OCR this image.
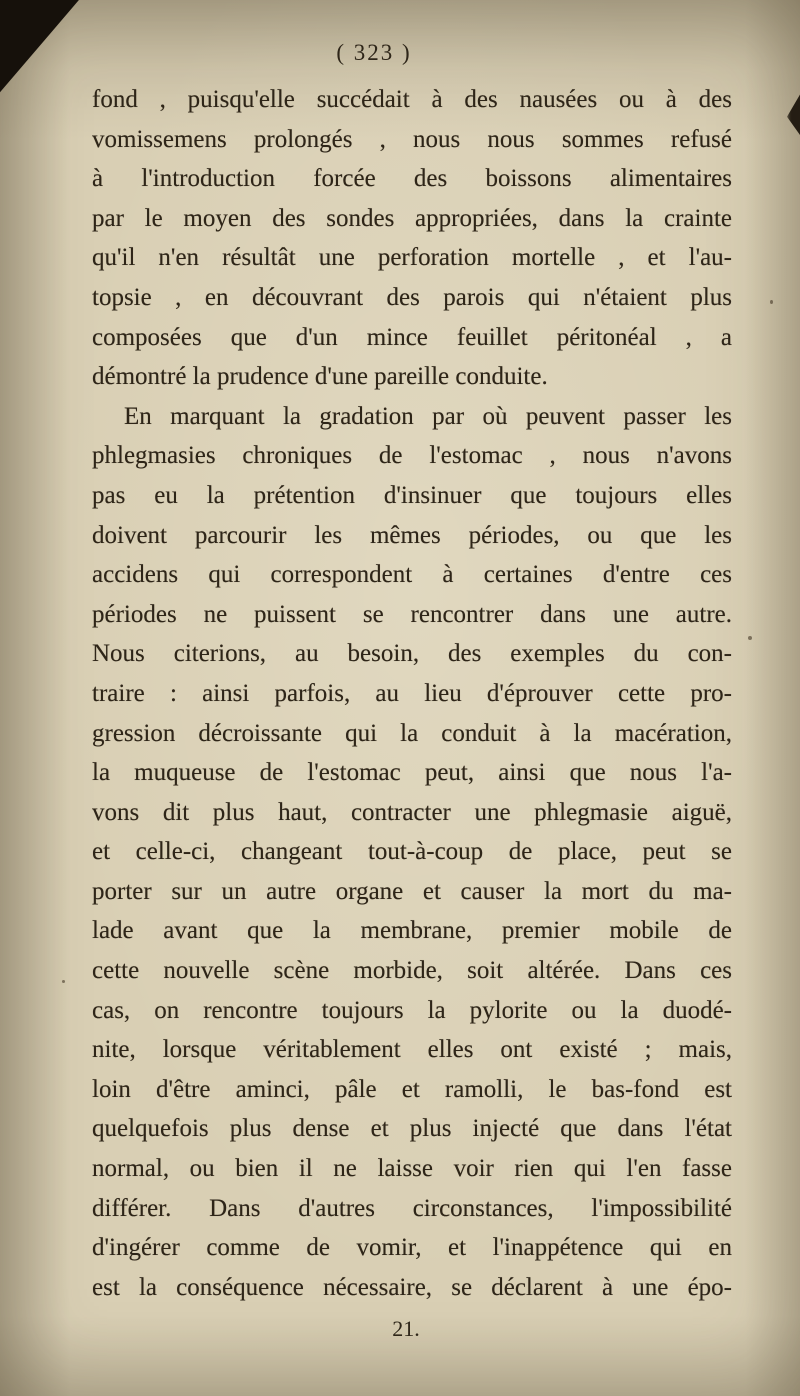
( 323 )
fond , puisqu'elle succédait à des nausées ou à des
vomissemens prolongés , nous nous sommes refusé
à l'introduction forcée des boissons alimentaires
par le moyen des sondes appropriées, dans la crainte
qu'il n'en résultât une perforation mortelle , et l'au-
topsie , en découvrant des parois qui n'étaient plus
composées que d'un mince feuillet péritonéal , a
démontré la prudence d'une pareille conduite.
En marquant la gradation par où peuvent passer les
phlegmasies chroniques de l'estomac , nous n'avons
pas eu la prétention d'insinuer que toujours elles
doivent parcourir les mêmes périodes, ou que les
accidens qui correspondent à certaines d'entre ces
périodes ne puissent se rencontrer dans une autre.
Nous citerions, au besoin, des exemples du con-
traire : ainsi parfois, au lieu d'éprouver cette pro-
gression décroissante qui la conduit à la macération,
la muqueuse de l'estomac peut, ainsi que nous l'a-
vons dit plus haut, contracter une phlegmasie aiguë,
et celle-ci, changeant tout-à-coup de place, peut se
porter sur un autre organe et causer la mort du ma-
lade avant que la membrane, premier mobile de
cette nouvelle scène morbide, soit altérée. Dans ces
cas, on rencontre toujours la pylorite ou la duodé-
nite, lorsque véritablement elles ont existé ; mais,
loin d'être aminci, pâle et ramolli, le bas-fond est
quelquefois plus dense et plus injecté que dans l'état
normal, ou bien il ne laisse voir rien qui l'en fasse
différer. Dans d'autres circonstances, l'impossibilité
d'ingérer comme de vomir, et l'inappétence qui en
est la conséquence nécessaire, se déclarent à une épo-
21.
